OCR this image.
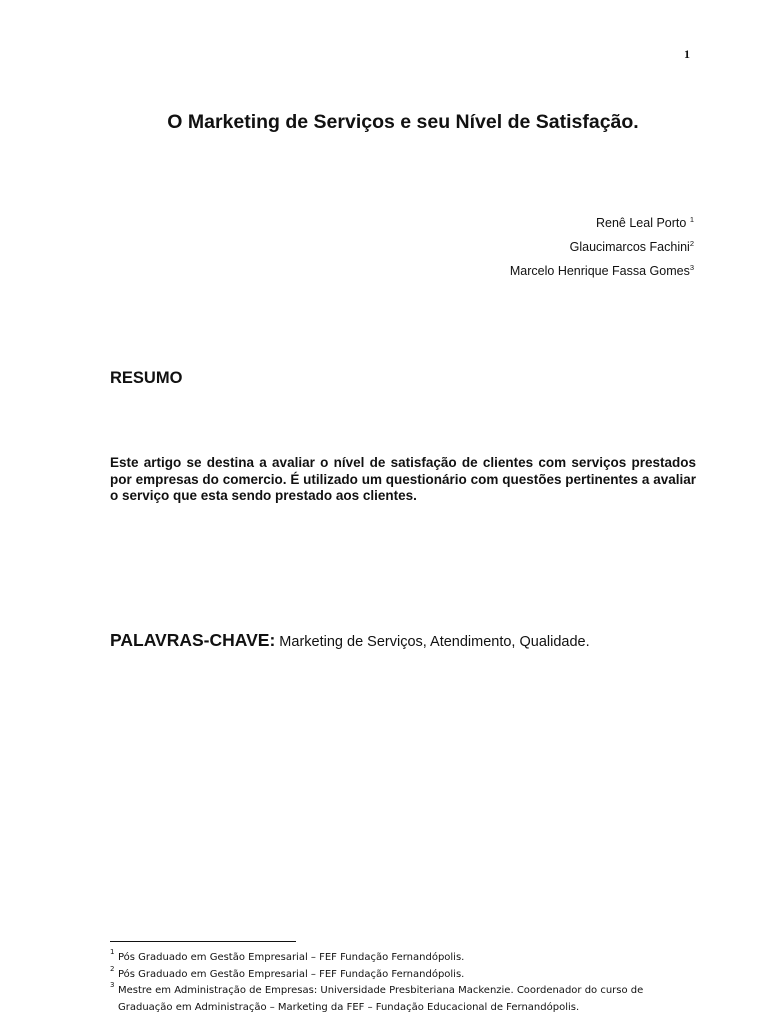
1
O Marketing de Serviços e seu Nível de Satisfação.
Renê Leal Porto $^1$
Glaucimarcos Fachini$^2$
Marcelo Henrique Fassa Gomes$^3$
RESUMO
Este artigo se destina a avaliar o nível de satisfação de clientes com serviços prestados por empresas do comercio. É utilizado um questionário com questões pertinentes a avaliar o serviço que esta sendo prestado aos clientes.
PALAVRAS-CHAVE: Marketing de Serviços, Atendimento, Qualidade.
1 Pós Graduado em Gestão Empresarial – FEF Fundação Fernandópolis.
2 Pós Graduado em Gestão Empresarial – FEF Fundação Fernandópolis.
3 Mestre em Administração de Empresas: Universidade Presbiteriana Mackenzie. Coordenador do curso de Graduação em Administração – Marketing da FEF – Fundação Educacional de Fernandópolis.
